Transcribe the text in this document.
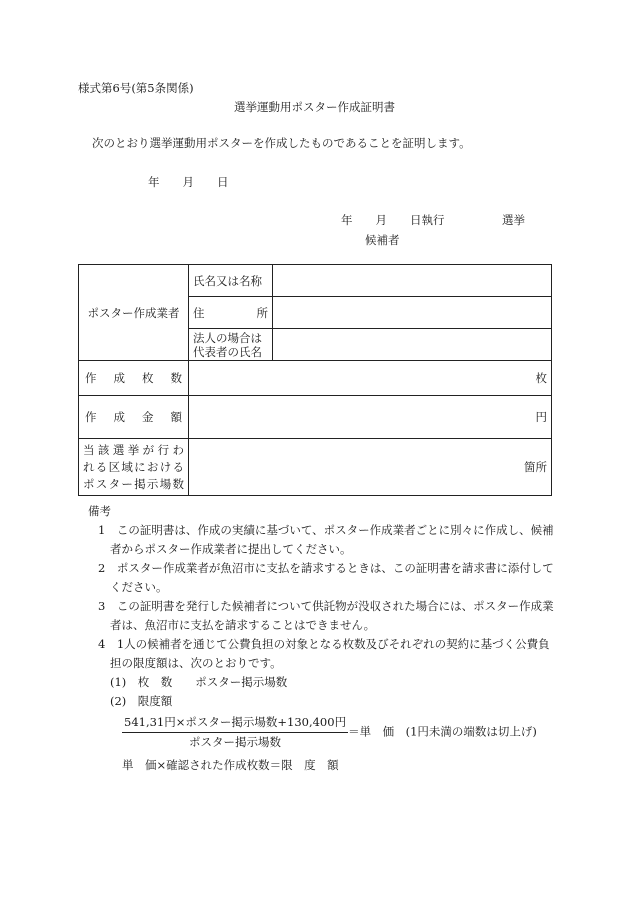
様式第6号(第5条関係)
選挙運動用ポスター作成証明書
次のとおり選挙運動用ポスターを作成したものであることを証明します。
年　　月　　日
年　　月　　日執行　　　　　選挙
候補者
ポスター作成業者	氏名又は名称	
	住所	

	法人の場合は
代表者の氏名	

作成枚数	枚	
作成金額	円	

当該選挙が行わ
れる区域における
ポスター掲示場数	箇所	
備考
1　この証明書は、作成の実績に基づいて、ポスター作成業者ごとに別々に作成し、候補者からポスター作成業者に提出してください。
2　ポスター作成業者が魚沼市に支払を請求するときは、この証明書を請求書に添付してください。
3　この証明書を発行した候補者について供託物が没収された場合には、ポスター作成業者は、魚沼市に支払を請求することはできません。
4　1人の候補者を通じて公費負担の対象となる枚数及びそれぞれの契約に基づく公費負担の限度額は、次のとおりです。
(1)　枚　数　　ポスター掲示場数
(2)　限度額
$\frac{\text{541,31円×ポスター掲示場数+130,400円}}{\text{ポスター掲示場数}}$ ＝単　価　(1円未満の端数は切上げ)
単　価×確認された作成枚数＝限　度　額
